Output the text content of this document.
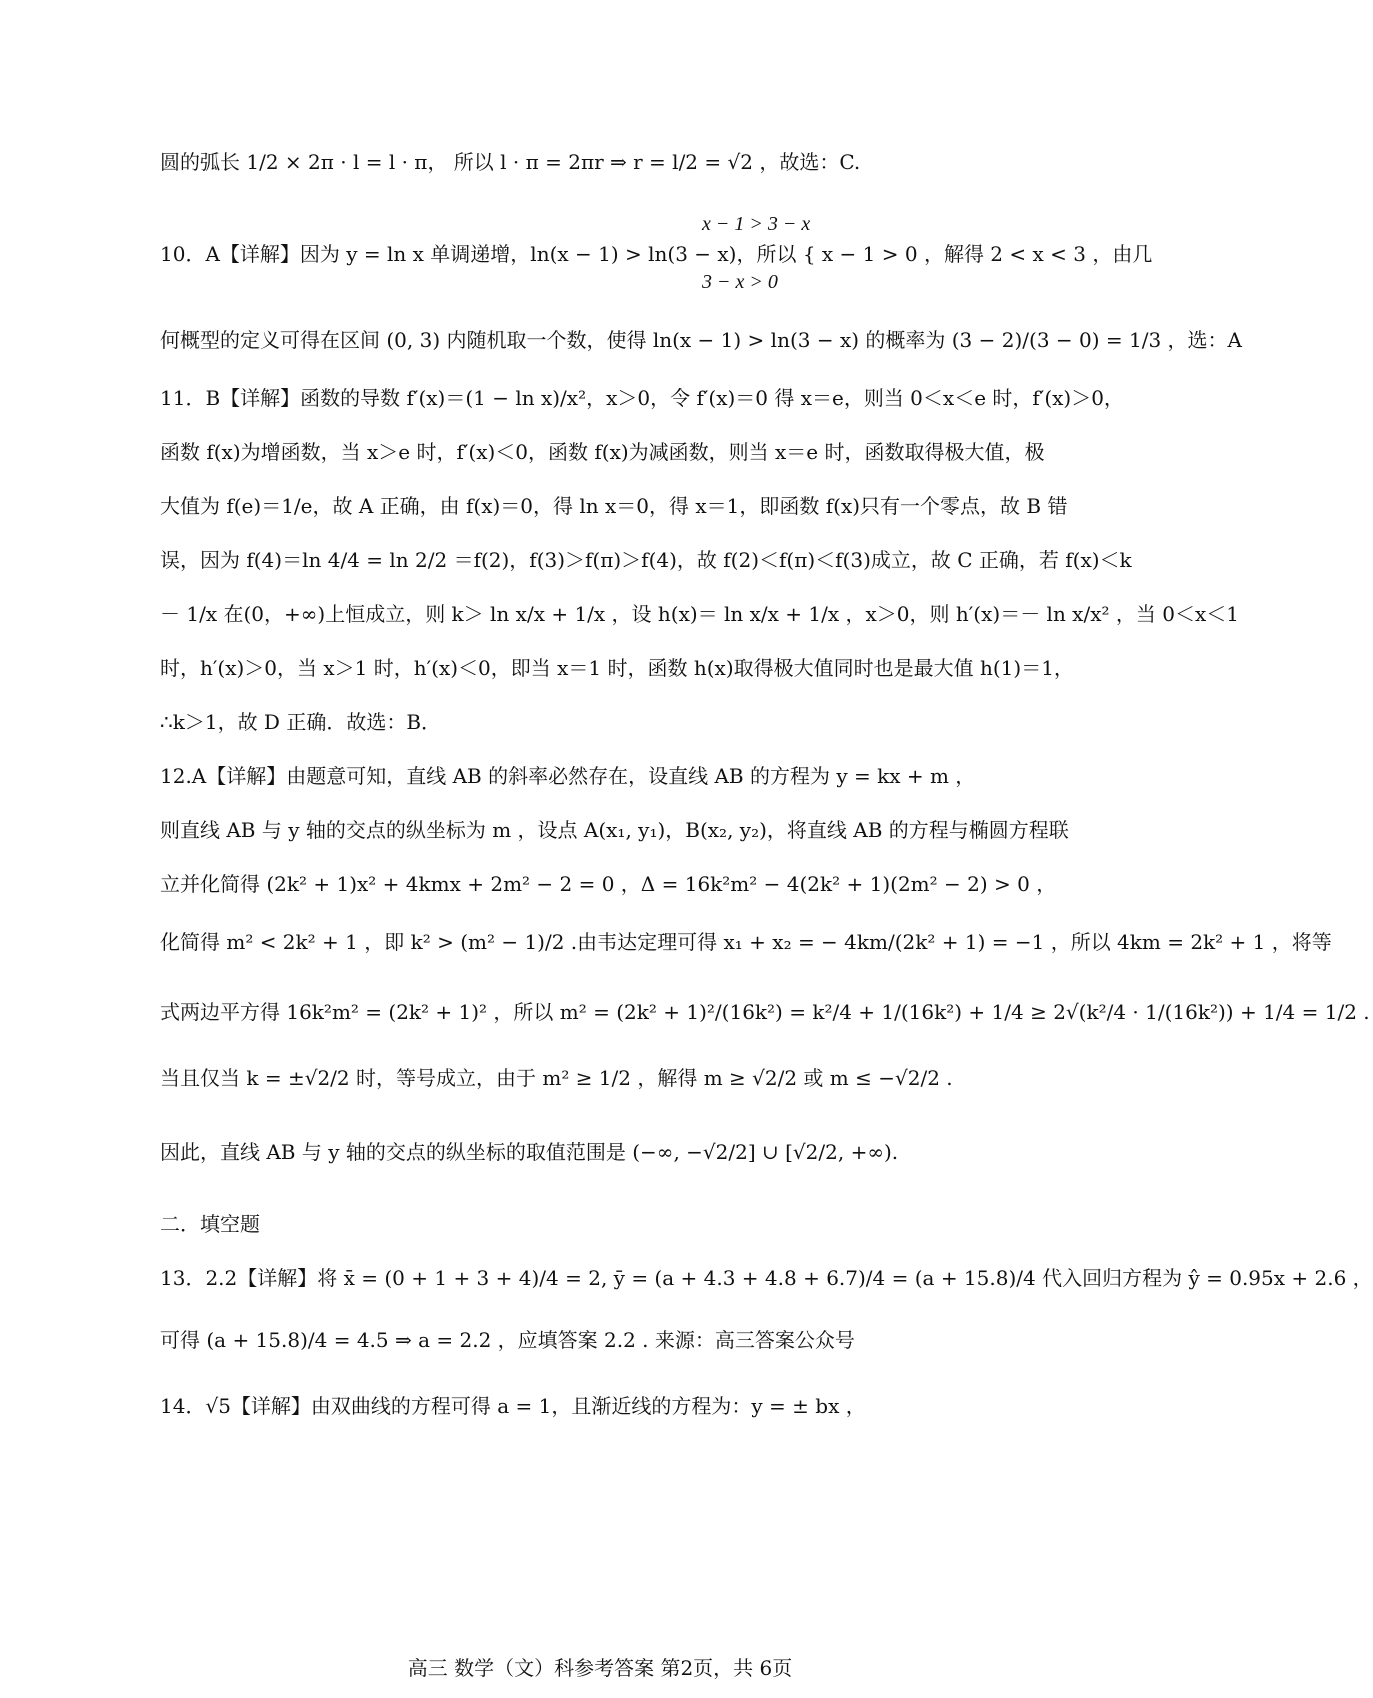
圆的弧长 1/2 × 2π · l = l · π， 所以 l · π = 2πr ⇒ r = l/2 = √2 ，故选：C.
x − 1 > 3 − x
10．A【详解】因为 y = ln x 单调递增，ln(x − 1) > ln(3 − x)，所以 { x − 1 > 0 ，解得 2 < x < 3 ，由几
3 − x > 0
何概型的定义可得在区间 (0, 3) 内随机取一个数，使得 ln(x − 1) > ln(3 − x) 的概率为 (3 − 2)/(3 − 0) = 1/3 ，选：A
11．B【详解】函数的导数 f′(x)＝(1 − ln x)/x²，x＞0，令 f′(x)＝0 得 x＝e，则当 0＜x＜e 时，f′(x)＞0，
函数 f(x)为增函数，当 x＞e 时，f′(x)＜0，函数 f(x)为减函数，则当 x＝e 时，函数取得极大值，极
大值为 f(e)＝1/e，故 A 正确，由 f(x)＝0，得 ln x＝0，得 x＝1，即函数 f(x)只有一个零点，故 B 错
误，因为 f(4)＝ln 4/4 = ln 2/2 ＝f(2)，f(3)＞f(π)＞f(4)，故 f(2)＜f(π)＜f(3)成立，故 C 正确，若 f(x)＜k
－ 1/x 在(0，+∞)上恒成立，则 k＞ ln x/x + 1/x ，设 h(x)＝ ln x/x + 1/x ，x＞0，则 h′(x)＝－ ln x/x² ，当 0＜x＜1
时，h′(x)＞0，当 x＞1 时，h′(x)＜0，即当 x＝1 时，函数 h(x)取得极大值同时也是最大值 h(1)＝1，
∴k＞1，故 D 正确．故选：B．
12.A【详解】由题意可知，直线 AB 的斜率必然存在，设直线 AB 的方程为 y = kx + m ，
则直线 AB 与 y 轴的交点的纵坐标为 m ，设点 A(x₁, y₁)，B(x₂, y₂)，将直线 AB 的方程与椭圆方程联
立并化简得 (2k² + 1)x² + 4kmx + 2m² − 2 = 0 ，Δ = 16k²m² − 4(2k² + 1)(2m² − 2) > 0 ，
化简得 m² < 2k² + 1 ，即 k² > (m² − 1)/2 .由韦达定理可得 x₁ + x₂ = − 4km/(2k² + 1) = −1 ，所以 4km = 2k² + 1 ，将等
式两边平方得 16k²m² = (2k² + 1)² ，所以 m² = (2k² + 1)²/(16k²) = k²/4 + 1/(16k²) + 1/4 ≥ 2√(k²/4 · 1/(16k²)) + 1/4 = 1/2 .
当且仅当 k = ±√2/2 时，等号成立，由于 m² ≥ 1/2 ，解得 m ≥ √2/2 或 m ≤ −√2/2 .
因此，直线 AB 与 y 轴的交点的纵坐标的取值范围是 (−∞, −√2/2] ∪ [√2/2, +∞).
二．填空题
13．2.2【详解】将 x̄ = (0 + 1 + 3 + 4)/4 = 2, ȳ = (a + 4.3 + 4.8 + 6.7)/4 = (a + 15.8)/4 代入回归方程为 ŷ = 0.95x + 2.6 ，
可得 (a + 15.8)/4 = 4.5 ⇒ a = 2.2 ，应填答案 2.2 . 来源：高三答案公众号
14．√5【详解】由双曲线的方程可得 a = 1，且渐近线的方程为：y = ± bx ，
高三 数学（文）科参考答案 第2页，共 6页
